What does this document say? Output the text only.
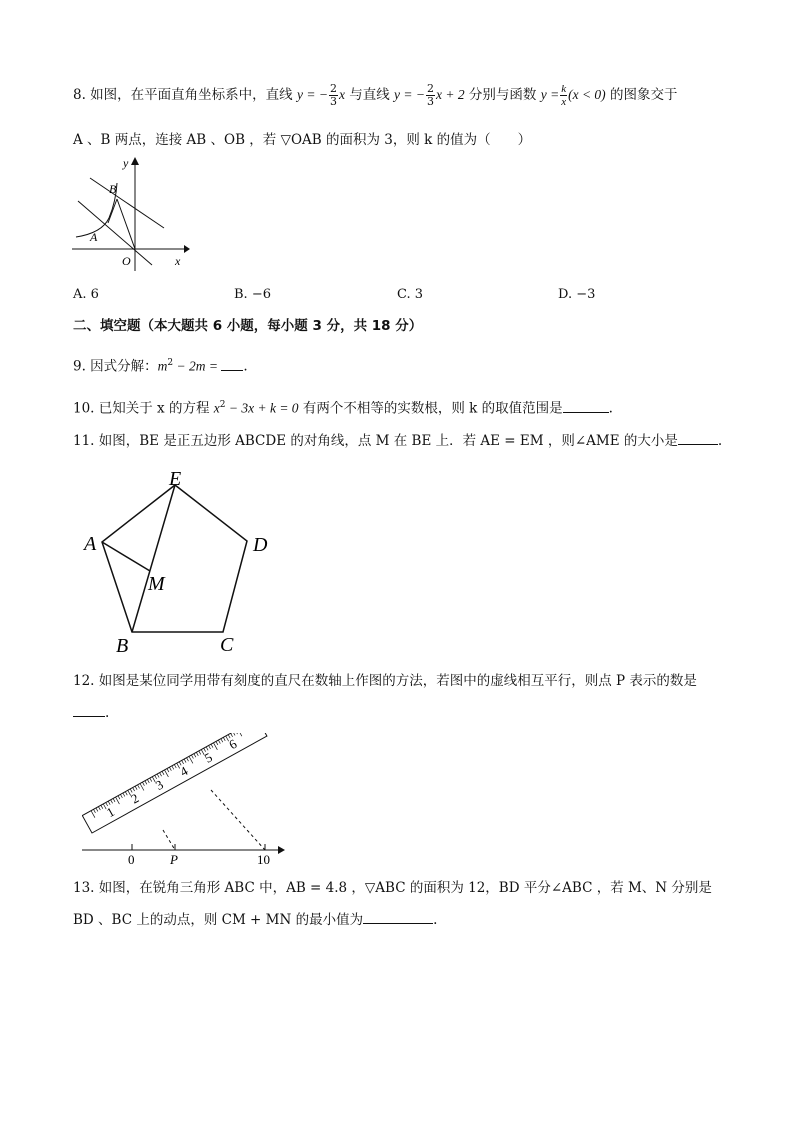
8. 如图，在平面直角坐标系中，直线 y = − $\frac{2}{3}$ x 与直线 y = − $\frac{2}{3}$ x + 2 分别与函数 $y = \frac{k}{x} (x < 0)$ 的图象交于
A 、B 两点，连接 AB 、OB ，若 ▽OAB 的面积为 3，则 k 的值为（　　）
y
x
O
B
A
A. 6	B. −6	C. 3	D. −3
二、填空题（本大题共 6 小题，每小题 3 分，共 18 分）
9. 因式分解：$m^2 - 2m$ = .
10. 已知关于 x 的方程 $x^2 - 3x + k = 0$ 有两个不相等的实数根，则 k 的取值范围是	.
11. 如图，BE 是正五边形 ABCDE 的对角线，点 M 在 BE 上．若 AE = EM ，则∠AME 的大小是	.
E
D
C
B
A
M
12. 如图是某位同学用带有刻度的直尺在数轴上作图的方法，若图中的虚线相互平行，则点 P 表示的数是
.
0	P	10
1
2
3
4
5
6
13. 如图，在锐角三角形 ABC 中，AB = 4.8 ，▽ABC 的面积为 12，BD 平分∠ABC ，若 M、N 分别是
BD 、BC 上的动点，则 CM + MN 的最小值为	.
